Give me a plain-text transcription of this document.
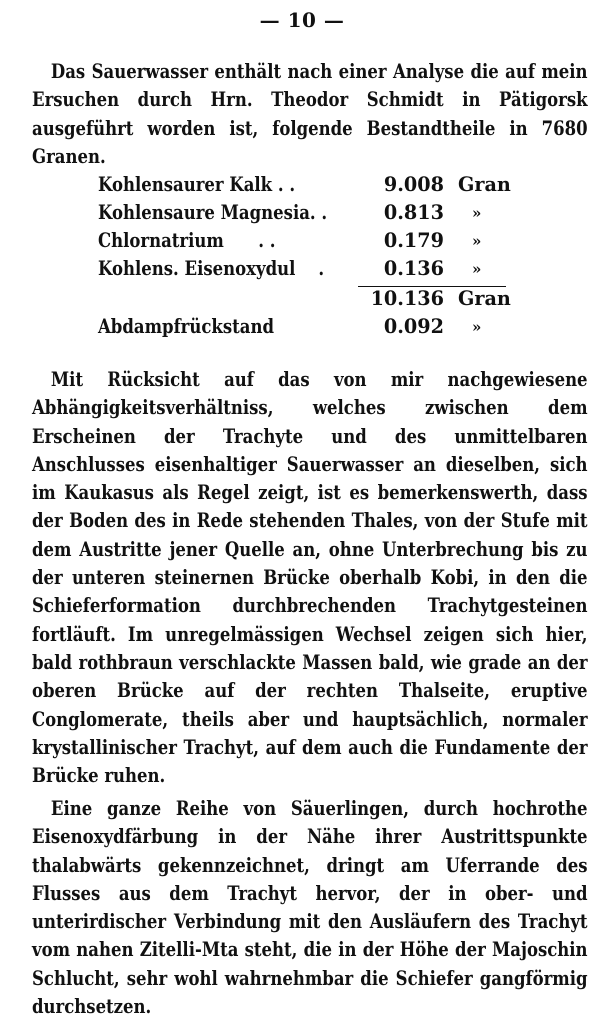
— 10 —
Das Sauerwasser enthält nach einer Analyse die auf mein Ersuchen durch Hrn. Theodor Schmidt in Pätigorsk ausgeführt worden ist, folgende Bestandtheile in 7680 Granen.
Kohlensaurer Kalk . .	9.008 Gran
Kohlensaure Magnesia. .	0.813 »
Chlornatrium      . .	0.179 »
Kohlens. Eisenoxydul    .	0.136 »
10.136 Gran
Abdampfrückstand	0.092 »
Mit Rücksicht auf das von mir nachgewiesene Abhängigkeitsverhältniss, welches zwischen dem Erscheinen der Trachyte und des unmittelbaren Anschlusses eisenhaltiger Sauerwasser an dieselben, sich im Kaukasus als Regel zeigt, ist es bemerkenswerth, dass der Boden des in Rede stehenden Thales, von der Stufe mit dem Austritte jener Quelle an, ohne Unterbrechung bis zu der unteren steinernen Brücke oberhalb Kobi, in den die Schieferformation durchbrechenden Trachytgesteinen fortläuft. Im unregelmässigen Wechsel zeigen sich hier, bald rothbraun verschlackte Massen bald, wie grade an der oberen Brücke auf der rechten Thalseite, eruptive Conglomerate, theils aber und hauptsächlich, normaler krystallinischer Trachyt, auf dem auch die Fundamente der Brücke ruhen.
Eine ganze Reihe von Säuerlingen, durch hochrothe Eisenoxydfärbung in der Nähe ihrer Austrittspunkte thalabwärts gekennzeichnet, dringt am Uferrande des Flusses aus dem Trachyt hervor, der in ober- und unterirdischer Verbindung mit den Ausläufern des Trachyt vom nahen Zitelli-Mta steht, die in der Höhe der Majoschin Schlucht, sehr wohl wahrnehmbar die Schiefer gangförmig durchsetzen.
